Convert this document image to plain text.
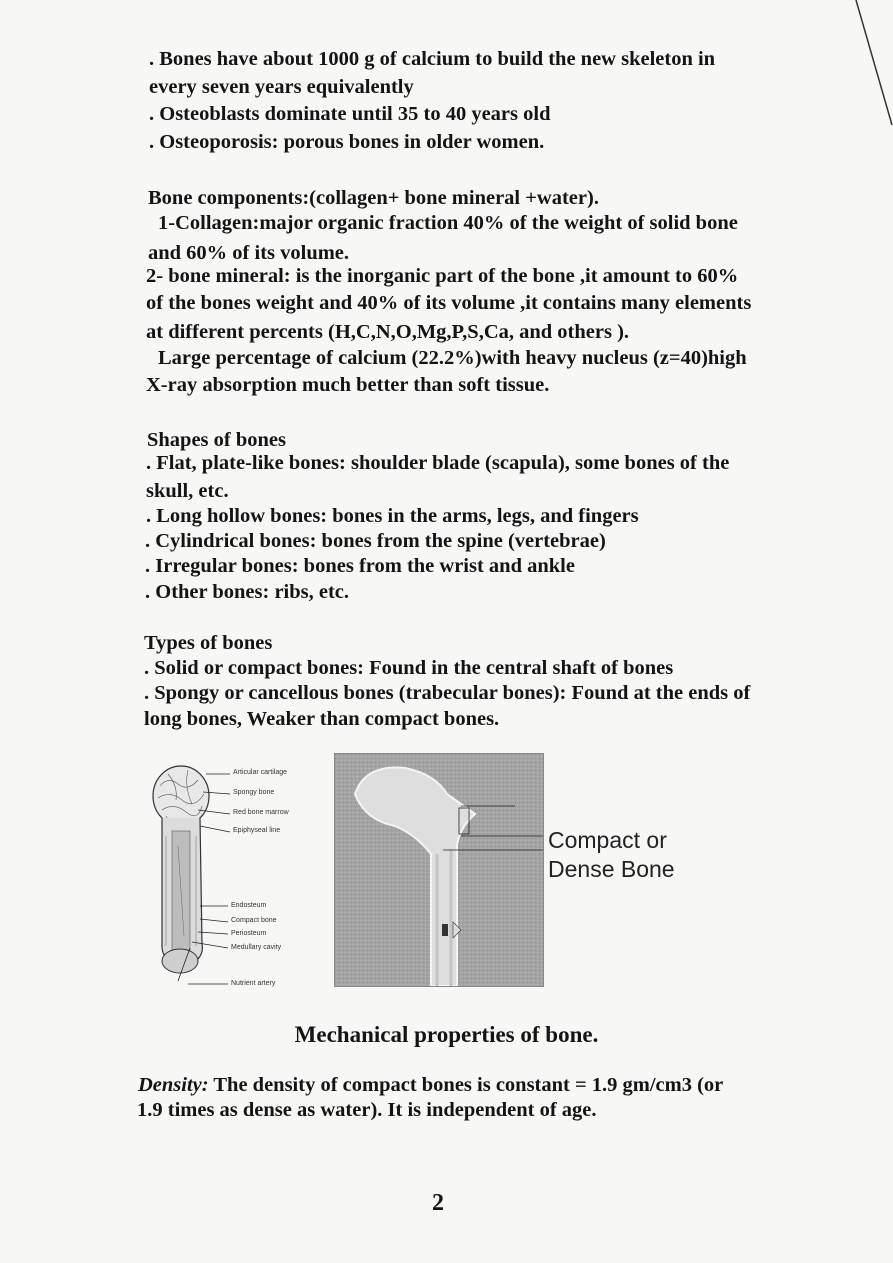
. Bones have about 1000 g of calcium to build the new skeleton in
every seven years equivalently
. Osteoblasts dominate until 35 to 40 years old
. Osteoporosis: porous bones in older women.
Bone components:(collagen+ bone mineral +water).
1-Collagen:major organic fraction 40% of the weight of solid bone
and 60% of its volume.
2- bone mineral: is the inorganic part of the bone ,it amount to 60%
of the bones weight and 40% of its volume ,it contains many elements
at different percents (H,C,N,O,Mg,P,S,Ca, and others ).
Large percentage of calcium (22.2%)with heavy nucleus (z=40)high
X-ray absorption much better than soft tissue.
Shapes of bones
. Flat, plate-like bones: shoulder blade (scapula), some bones of the
skull, etc.
. Long hollow bones: bones in the arms, legs, and fingers
. Cylindrical bones: bones from the spine (vertebrae)
. Irregular bones: bones from the wrist and ankle
. Other bones: ribs, etc.
Types of bones
. Solid or compact bones: Found in the central shaft of bones
. Spongy or cancellous bones (trabecular bones): Found at the ends of
long bones, Weaker than compact bones.
Articular cartilage
Spongy bone
Red bone marrow
Epiphyseal line
Endosteum
Compact bone
Periosteum
Medullary cavity
Nutrient artery
Compact or
Dense Bone
Mechanical properties of bone.
Density: The density of compact bones is constant = 1.9 gm/cm3 (or
1.9 times as dense as water). It is independent of age.
2
